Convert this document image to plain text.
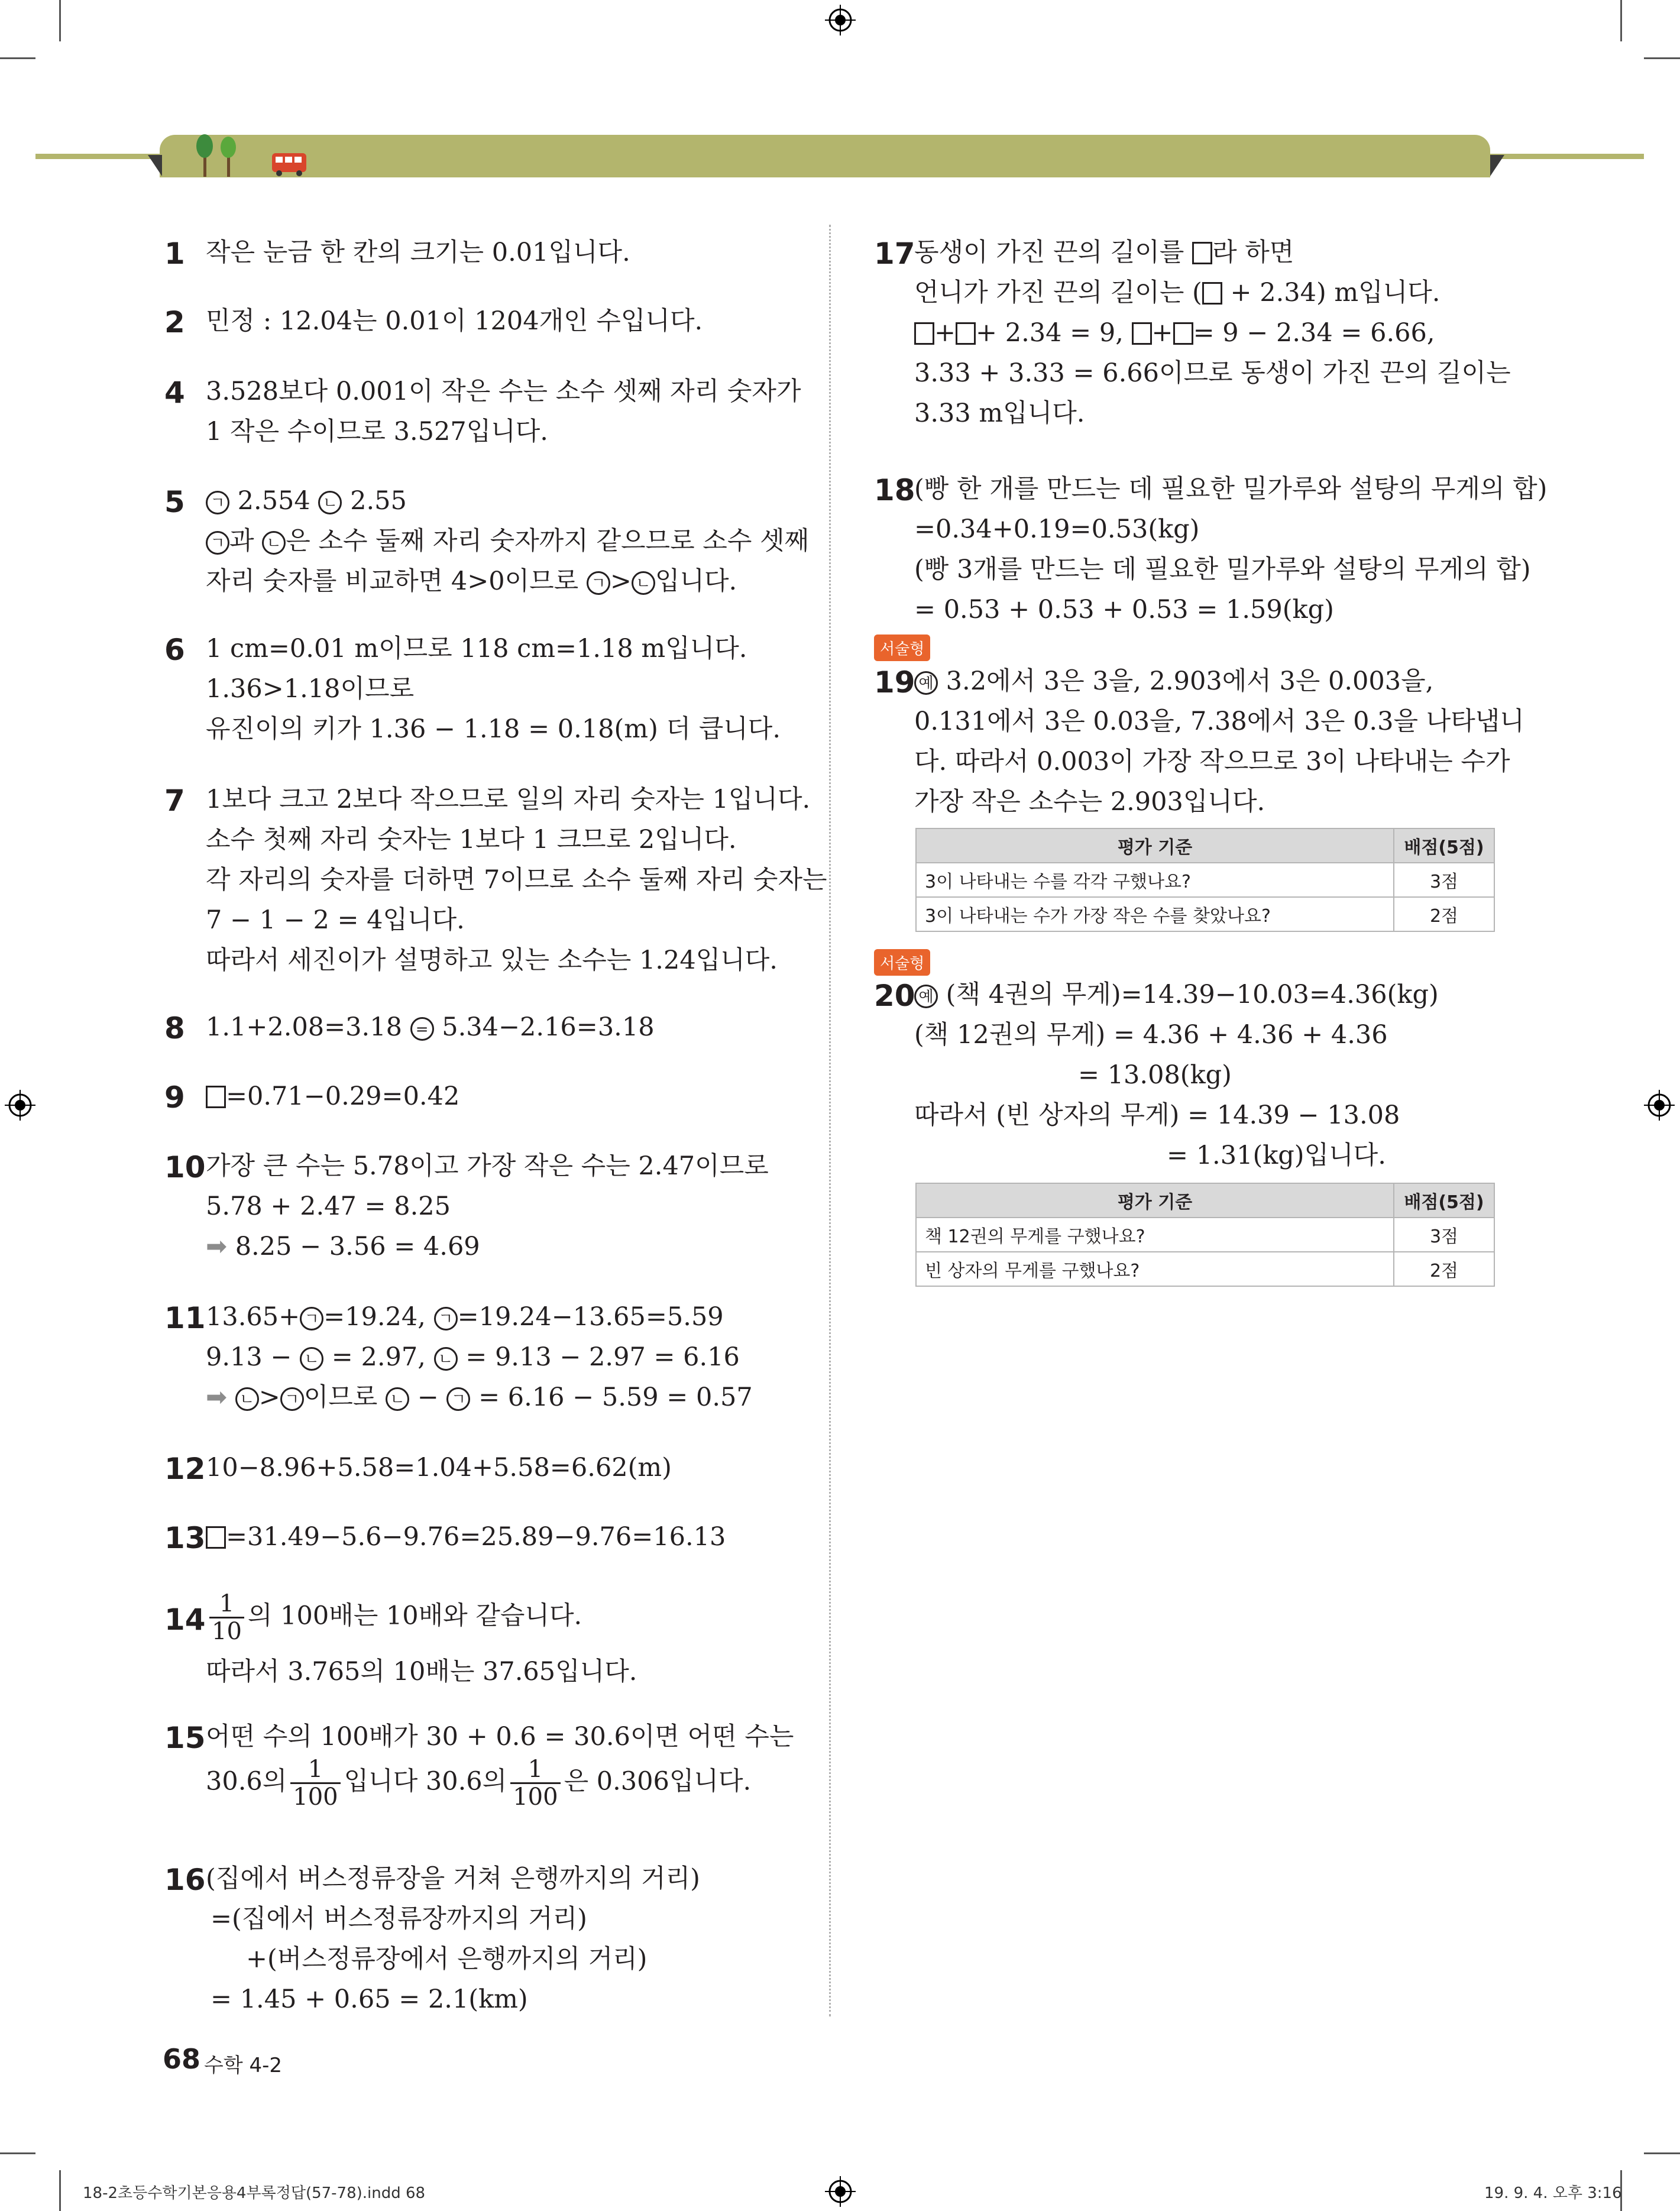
1 작은 눈금 한 칸의 크기는 0.01입니다.
2 민정 : 12.04는 0.01이 1204개인 수입니다.
4 3.528보다 0.001이 작은 수는 소수 셋째 자리 숫자가
1 작은 수이므로 3.527입니다.
5 ㄱ 2.554 ㄴ 2.55
ㄱ 과 ㄴ 은 소수 둘째 자리 숫자까지 같으므로 소수 셋째
자리 숫자를 비교하면 4>0이므로 ㄱ > ㄴ 입니다.
6 1 cm=0.01 m이므로 118 cm=1.18 m입니다.
1.36>1.18이므로
유진이의 키가 1.36 − 1.18 = 0.18(m) 더 큽니다.
7 1보다 크고 2보다 작으므로 일의 자리 숫자는 1입니다.
소수 첫째 자리 숫자는 1보다 1 크므로 2입니다.
각 자리의 숫자를 더하면 7이므로 소수 둘째 자리 숫자는
7 − 1 − 2 = 4입니다.
따라서 세진이가 설명하고 있는 소수는 1.24입니다.
8 1.1+2.08=3.18 = 5.34−2.16=3.18
9	=0.71−0.29=0.42
10 가장 큰 수는 5.78이고 가장 작은 수는 2.47이므로
5.78 + 2.47 = 8.25
➡ 8.25 − 3.56 = 4.69
11 13.65+ ㄱ =19.24, ㄱ =19.24−13.65=5.59
9.13 − ㄴ = 2.97, ㄴ = 9.13 − 2.97 = 6.16
➡ ㄴ > ㄱ 이므로 ㄴ − ㄱ = 6.16 − 5.59 = 0.57
12 10−8.96+5.58=1.04+5.58=6.62(m)
13 =31.49−5.6−9.76=25.89−9.76=16.13
$14 \frac{1}{10}$ 의 100배는 10배와 같습니다.
따라서 3.765의 10배는 37.65입니다.
15 어떤 수의 100배가 30 + 0.6 = 30.6이면 어떤 수는
30.6의 $\frac{1}{100}$ 입니다 30.6의 $\frac{1}{100}$ 은 0.306입니다.
16 (집에서 버스정류장을 거쳐 은행까지의 거리)
=(집에서 버스정류장까지의 거리)
+(버스정류장에서 은행까지의 거리)
= 1.45 + 0.65 = 2.1(km)
17
동생이 가진 끈의 길이를 라 하면
언니가 가진 끈의 길이는 ( + 2.34) m입니다.
+ + 2.34 = 9, + = 9 − 2.34 = 6.66,
3.33 + 3.33 = 6.66이므로 동생이 가진 끈의 길이는
3.33 m입니다.
18
(빵 한 개를 만드는 데 필요한 밀가루와 설탕의 무게의 합)
=0.34+0.19=0.53(kg)
(빵 3개를 만드는 데 필요한 밀가루와 설탕의 무게의 합)
= 0.53 + 0.53 + 0.53 = 1.59(kg)
서술형
19 예 3.2에서 3은 3을, 2.903에서 3은 0.003을,
0.131에서 3은 0.03을, 7.38에서 3은 0.3을 나타냅니
다. 따라서 0.003이 가장 작으므로 3이 나타내는 수가
가장 작은 소수는 2.903입니다.
평가 기준	배점(5점)
3이 나타내는 수를 각각 구했나요?	3점
3이 나타내는 수가 가장 작은 수를 찾았나요?	2점
서술형
20 예 (책 4권의 무게)=14.39−10.03=4.36(kg)
(책 12권의 무게) = 4.36 + 4.36 + 4.36
= 13.08(kg)
따라서 (빈 상자의 무게) = 14.39 − 13.08
= 1.31(kg)입니다.
평가 기준	배점(5점)
책 12권의 무게를 구했나요?	3점
빈 상자의 무게를 구했나요?	2점
68 수학 4-2
18-2초등수학기본응용4부록정답(57-78).indd 68	19. 9. 4. 오후 3:16
